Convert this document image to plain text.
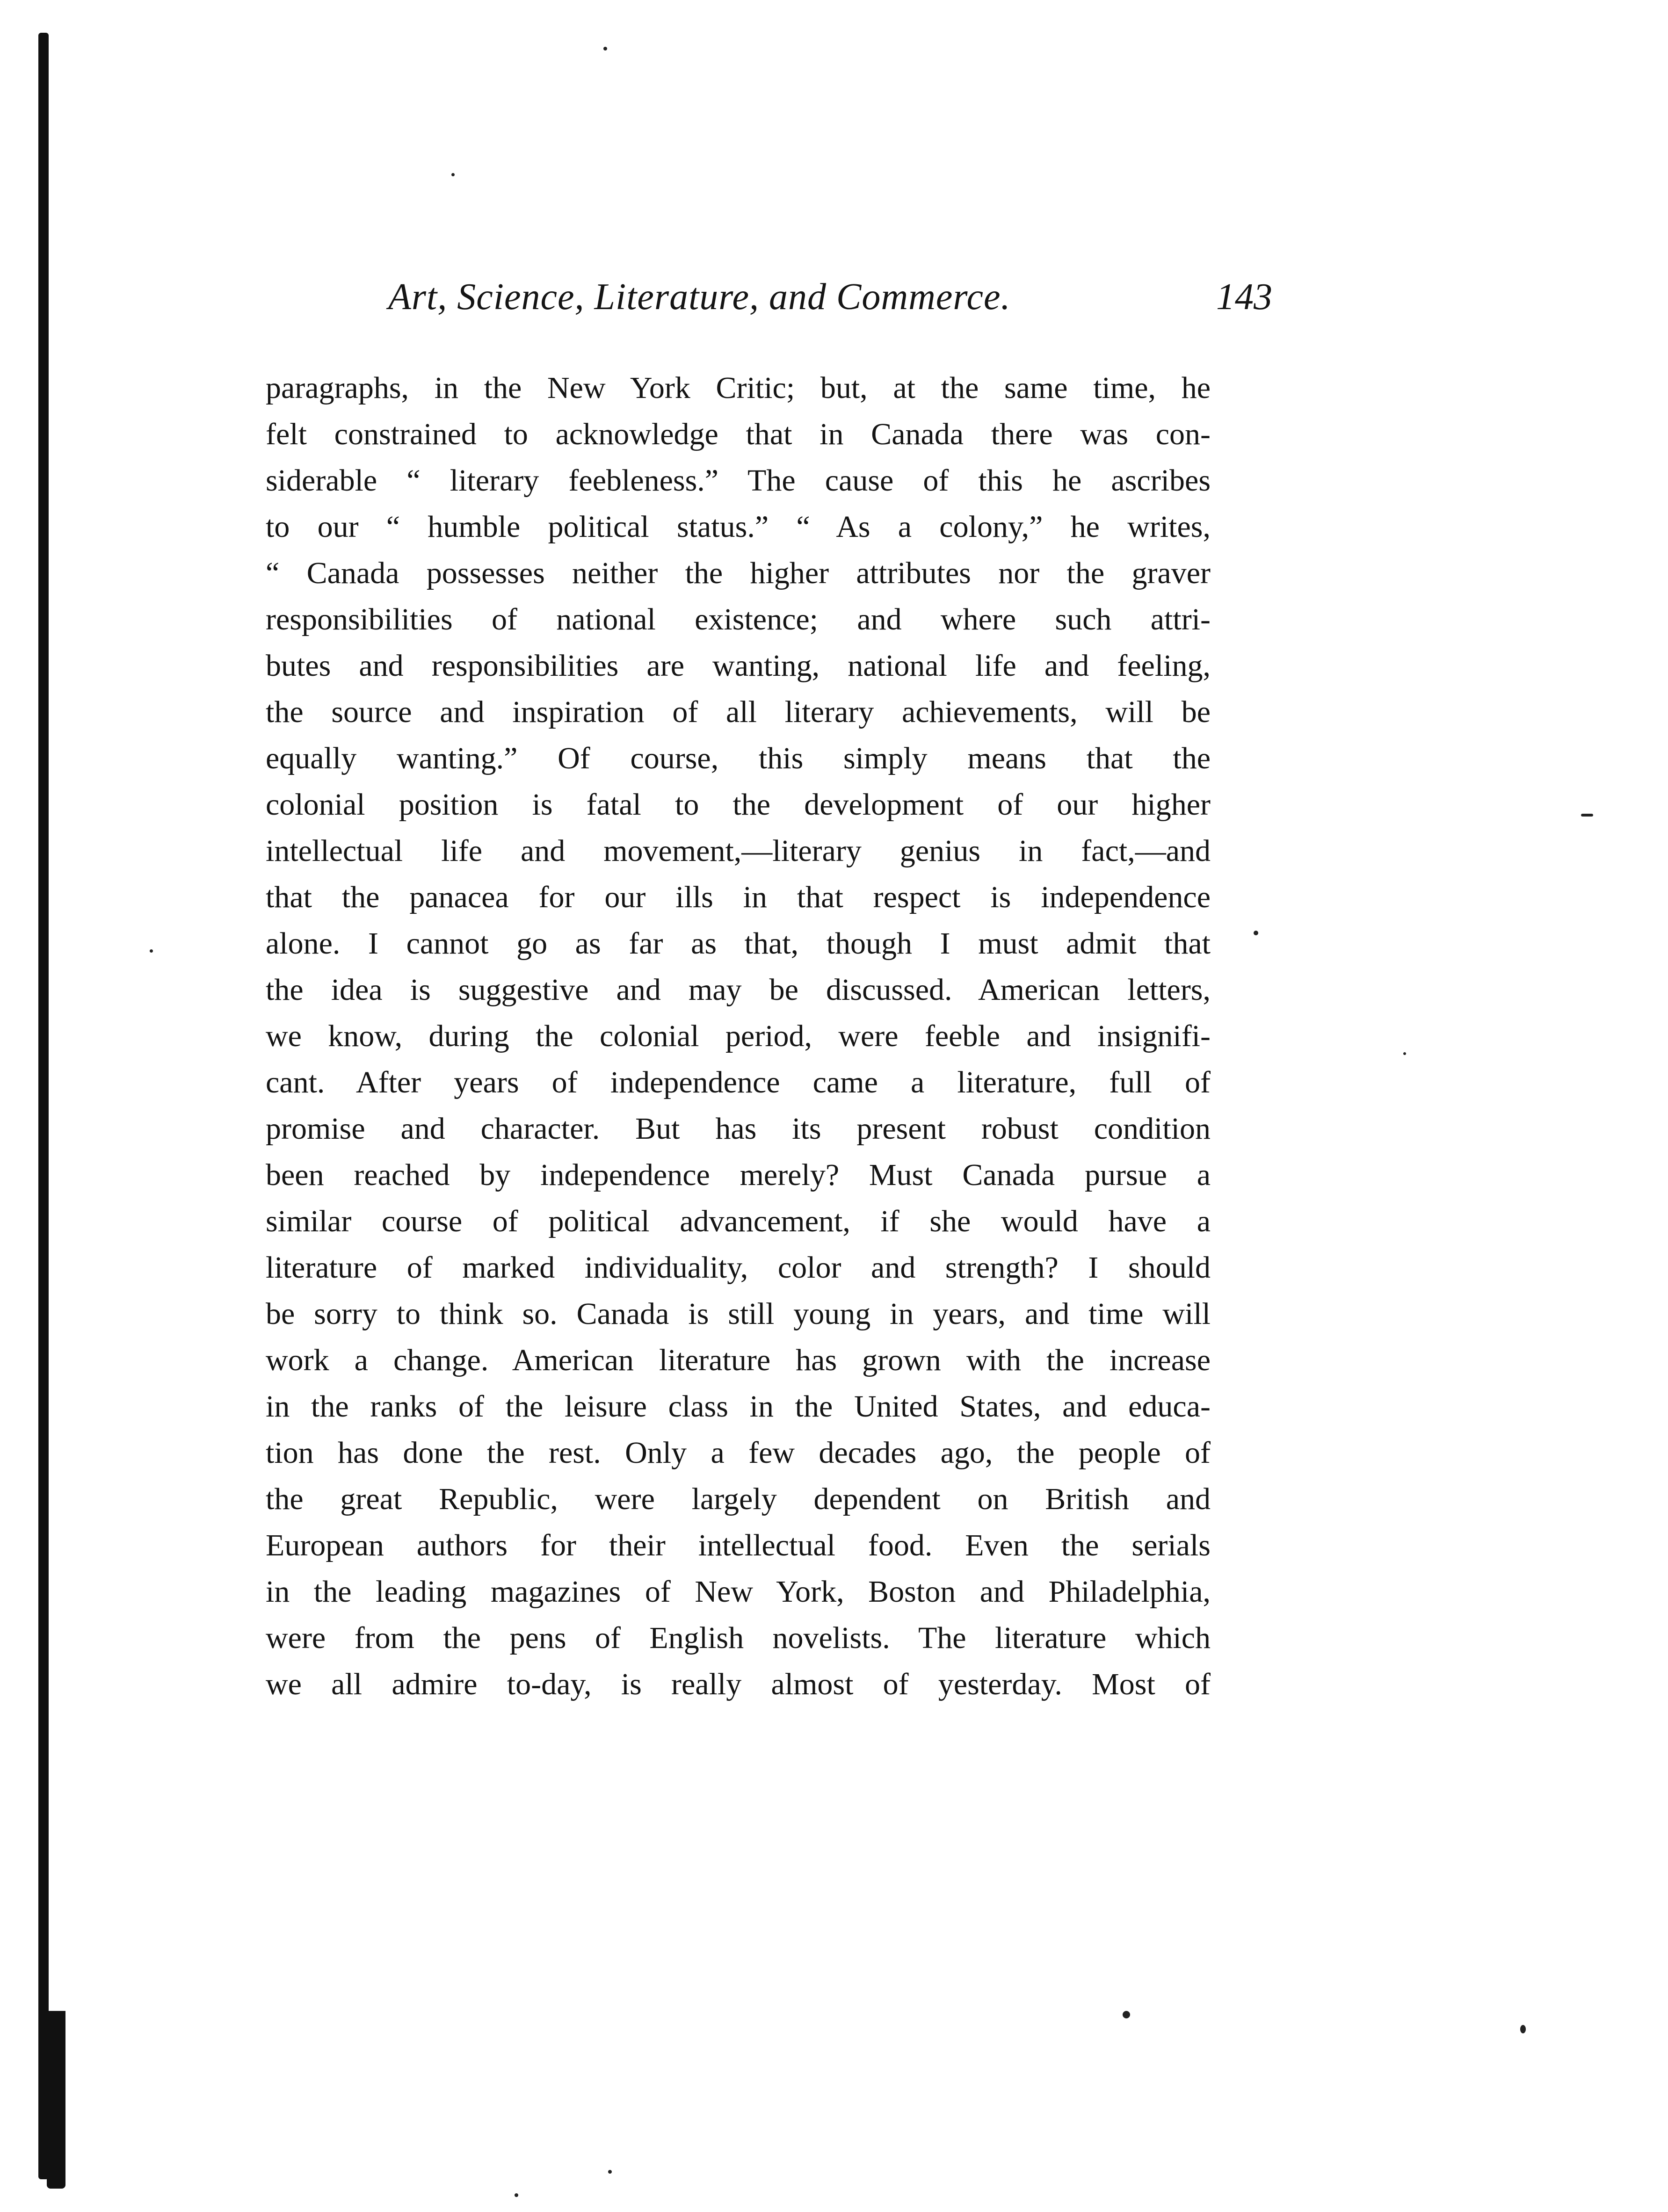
Art, Science, Literature, and Commerce.	143
paragraphs, in the New York Critic; but, at the same time, he
felt constrained to acknowledge that in Canada there was con-
siderable “ literary feebleness.” The cause of this he ascribes
to our “ humble political status.” “ As a colony,” he writes,
“ Canada possesses neither the higher attributes nor the graver
responsibilities of national existence; and where such attri-
butes and responsibilities are wanting, national life and feeling,
the source and inspiration of all literary achievements, will be
equally wanting.” Of course, this simply means that the
colonial position is fatal to the development of our higher
intellectual life and movement,—literary genius in fact,—and
that the panacea for our ills in that respect is independence
alone. I cannot go as far as that, though I must admit that
the idea is suggestive and may be discussed. American letters,
we know, during the colonial period, were feeble and insignifi-
cant. After years of independence came a literature, full of
promise and character. But has its present robust condition
been reached by independence merely? Must Canada pursue a
similar course of political advancement, if she would have a
literature of marked individuality, color and strength? I should
be sorry to think so. Canada is still young in years, and time will
work a change. American literature has grown with the increase
in the ranks of the leisure class in the United States, and educa-
tion has done the rest. Only a few decades ago, the people of
the great Republic, were largely dependent on British and
European authors for their intellectual food. Even the serials
in the leading magazines of New York, Boston and Philadelphia,
were from the pens of English novelists. The literature which
we all admire to-day, is really almost of yesterday. Most of
